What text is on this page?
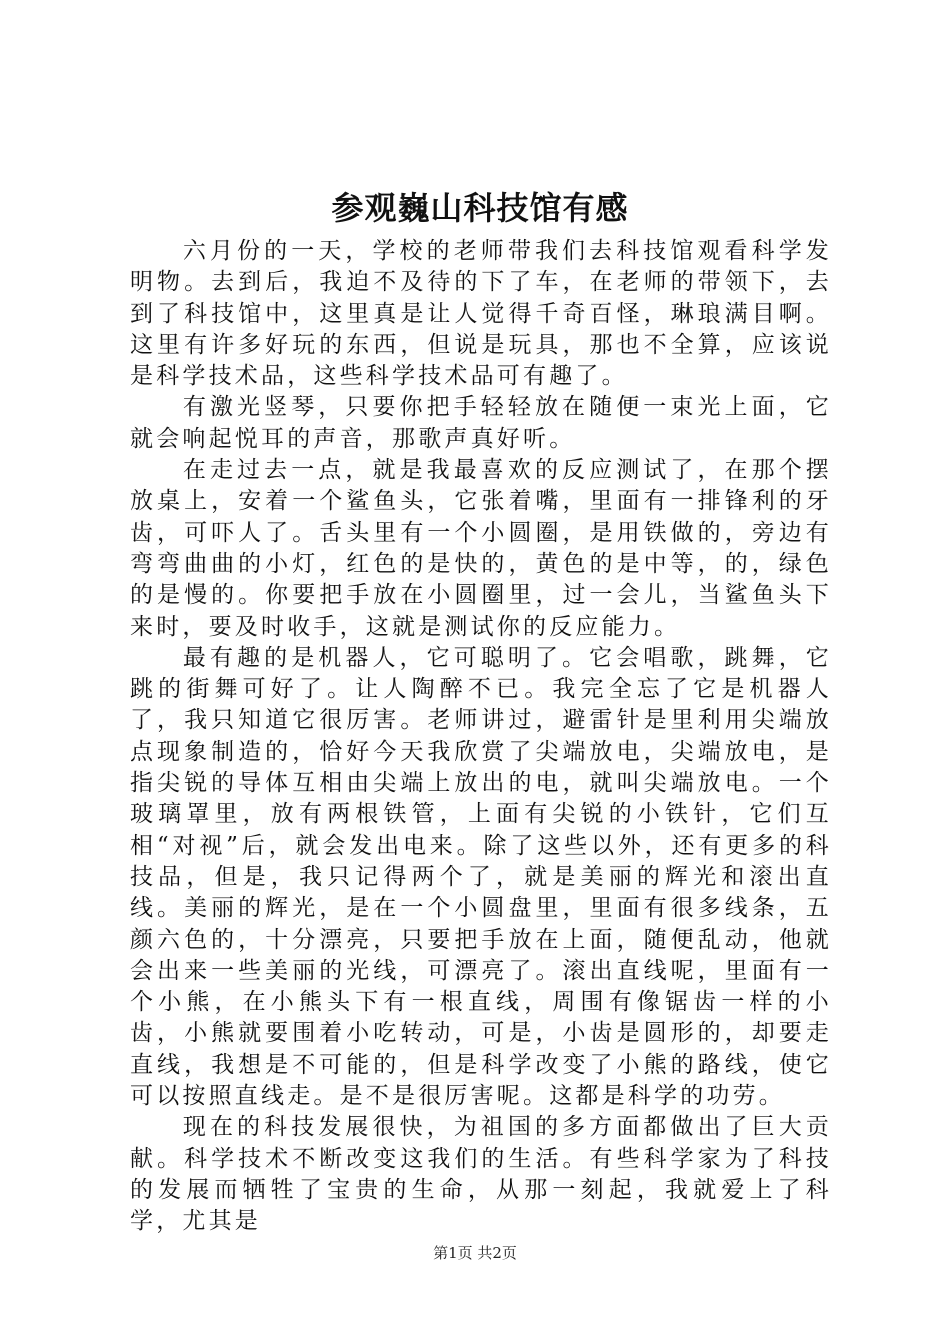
参观巍山科技馆有感

六月份的一天，学校的老师带我们去科技馆观看科学发明物。去到后，我迫不及待的下了车，在老师的带领下，去到了科技馆中，这里真是让人觉得千奇百怪，琳琅满目啊。这里有许多好玩的东西，但说是玩具，那也不全算，应该说是科学技术品，这些科学技术品可有趣了。

有激光竖琴，只要你把手轻轻放在随便一束光上面，它就会响起悦耳的声音，那歌声真好听。

在走过去一点，就是我最喜欢的反应测试了，在那个摆放桌上，安着一个鲨鱼头，它张着嘴，里面有一排锋利的牙齿，可吓人了。舌头里有一个小圆圈，是用铁做的，旁边有弯弯曲曲的小灯，红色的是快的，黄色的是中等，的，绿色的是慢的。你要把手放在小圆圈里，过一会儿，当鲨鱼头下来时，要及时收手，这就是测试你的反应能力。

最有趣的是机器人，它可聪明了。它会唱歌，跳舞，它跳的街舞可好了。让人陶醉不已。我完全忘了它是机器人了，我只知道它很厉害。老师讲过，避雷针是里利用尖端放点现象制造的，恰好今天我欣赏了尖端放电，尖端放电，是指尖锐的导体互相由尖端上放出的电，就叫尖端放电。一个玻璃罩里，放有两根铁管，上面有尖锐的小铁针，它们互相“对视”后，就会发出电来。除了这些以外，还有更多的科技品，但是，我只记得两个了，就是美丽的辉光和滚出直线。美丽的辉光，是在一个小圆盘里，里面有很多线条，五颜六色的，十分漂亮，只要把手放在上面，随便乱动，他就会出来一些美丽的光线，可漂亮了。滚出直线呢，里面有一个小熊，在小熊头下有一根直线，周围有像锯齿一样的小齿，小熊就要围着小吃转动，可是，小齿是圆形的，却要走直线，我想是不可能的，但是科学改变了小熊的路线，使它可以按照直线走。是不是很厉害呢。这都是科学的功劳。

现在的科技发展很快，为祖国的多方面都做出了巨大贡献。科学技术不断改变这我们的生活。有些科学家为了科技的发展而牺牲了宝贵的生命，从那一刻起，我就爱上了科学，尤其是

第1页 共2页
